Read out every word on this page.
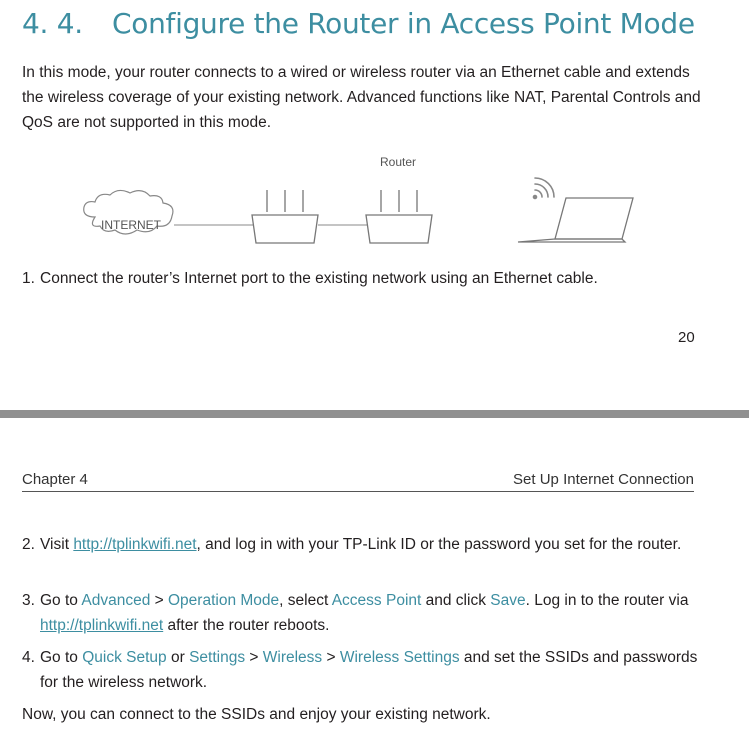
4. 4. Configure the Router in Access Point Mode
In this mode, your router connects to a wired or wireless router via an Ethernet cable and extends the wireless coverage of your existing network. Advanced functions like NAT, Parental Controls and QoS are not supported in this mode.
INTERNET
Router
1. Connect the router’s Internet port to the existing network using an Ethernet cable.
20
Chapter 4	Set Up Internet Connection
2. Visit http://tplinkwifi.net, and log in with your TP-Link ID or the password you set for the router.
3. Go to Advanced > Operation Mode, select Access Point and click Save. Log in to the router via http://tplinkwifi.net after the router reboots.
4. Go to Quick Setup or Settings > Wireless > Wireless Settings and set the SSIDs and passwords for the wireless network.
Now, you can connect to the SSIDs and enjoy your existing network.
